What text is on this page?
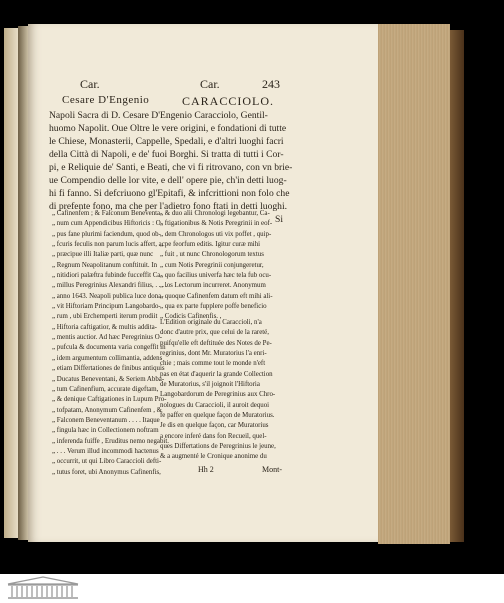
Car.	Car.	243
Cesare D'Engenio	CARACCIOLO.
Napoli Sacra di D. Cesare D'Engenio Caracciolo, Gentil-
huomo Napolit. Oue Oltre le vere origini, e fondationi di tutte
le Chiese, Monasterii, Cappelle, Spedali, e d'altri luoghi facri
della Città di Napoli, e de' fuoi Borghi. Si tratta di tutti i Cor-
pi, e Reliquie de' Santi, e Beati, che vi fi ritrovano, con vn brie-
ue Compendio delle lor vite, e dell' opere pie, ch'in detti luog-
hi fi fanno. Si defcriuono gl'Epitafi, & infcrittioni non folo che
di prefente fono, ma che per l'adietro fono ftati in detti luoghi.
Si
„ Cafinenfem ; & Falconum Beneventa-
„ num cum Appendicibus Hiftoricis : O-
„ pus fane plurimi faciendum, quod ob-
„ fcuris feculis non parum lucis affert, ac
„ præcipue illi Italiæ parti, quæ nunc
„ Regnum Neapolitanum conftituit. In
„ nitidiori palæftra fubinde fucceffit Ca-
„ millus Peregrinius Alexandri filius, . . . .
„ anno 1643. Neapoli publica luce dona-
„ vit Hiftoriam Principum Langobardo-
„ rum , ubi Erchemperti iterum prodiit
„ Hiftoria caftigatior, & multis additа-
„ mentis auctior. Ad hæc Peregrinius O-
„ pufcula & documenta varia congeffit in
„ idem argumentum collimantia, addens
„ etiam Differtationes de finibus antiquis
„ Ducatus Beneventani, & Seriem Abba-
„ tum Cafinenfium, accurate digeftam,
„ & denique Caftigationes in Lupum Pro-
„ tofpatam, Anonymum Cafinenfem , &
„ Falconem Beneventanum . . . . Itaque
„ fingula hæc in Collectionem noftram
„ inferenda fuiffe , Eruditus nemo negabit.
„ . . . Verum illud incommodi hactenus
„ occurrit, ut qui Libro Caraccioli defti-
„ tutus foret, ubi Anonymus Cafinenfis,
„ & duo alii Chronologi legebantur, Ca-
„ ftigationibus & Notis Peregrinii in eof-
„ dem Chronologos uti vix poffet , quip-
„ pe feorfum editis. Igitur curæ mihi
„ fuit , ut nunc Chronologorum textus
„ cum Notis Peregrinii conjungeretur,
„ quo facilius univerfa hæc tela fub ocu-
„ los Lectorum incurreret. Anonymum
„ quoque Cafinenfem datum eft mihi ali-
„ qua ex parte fupplere poffe beneficio
„ Codicis Cafinenfis. ,
L'Edition originale du Caraccioli, n'a
donc d'autre prix, que celui de la rareté,
puifqu'elle eft deftituée des Notes de Pe-
regrinius, dont Mr. Muratorius l'a enri-
chie ; mais comme tout le monde n'eft
pas en état d'aquerir la grande Collection
de Muratorius, s'il joignoit l'Hiftoria
Langobardorum de Peregrinius aux Chro-
nologues du Caraccioli, il auroit dequoi
fe paffer en quelque façon de Muratorius.
Je dis en quelque façon, car Muratorius
a encore inferé dans fon Recueil, quel-
ques Differtations de Peregrinius le jeune,
& a augmenté le Cronique anonime du
Hh 2	Mont-
